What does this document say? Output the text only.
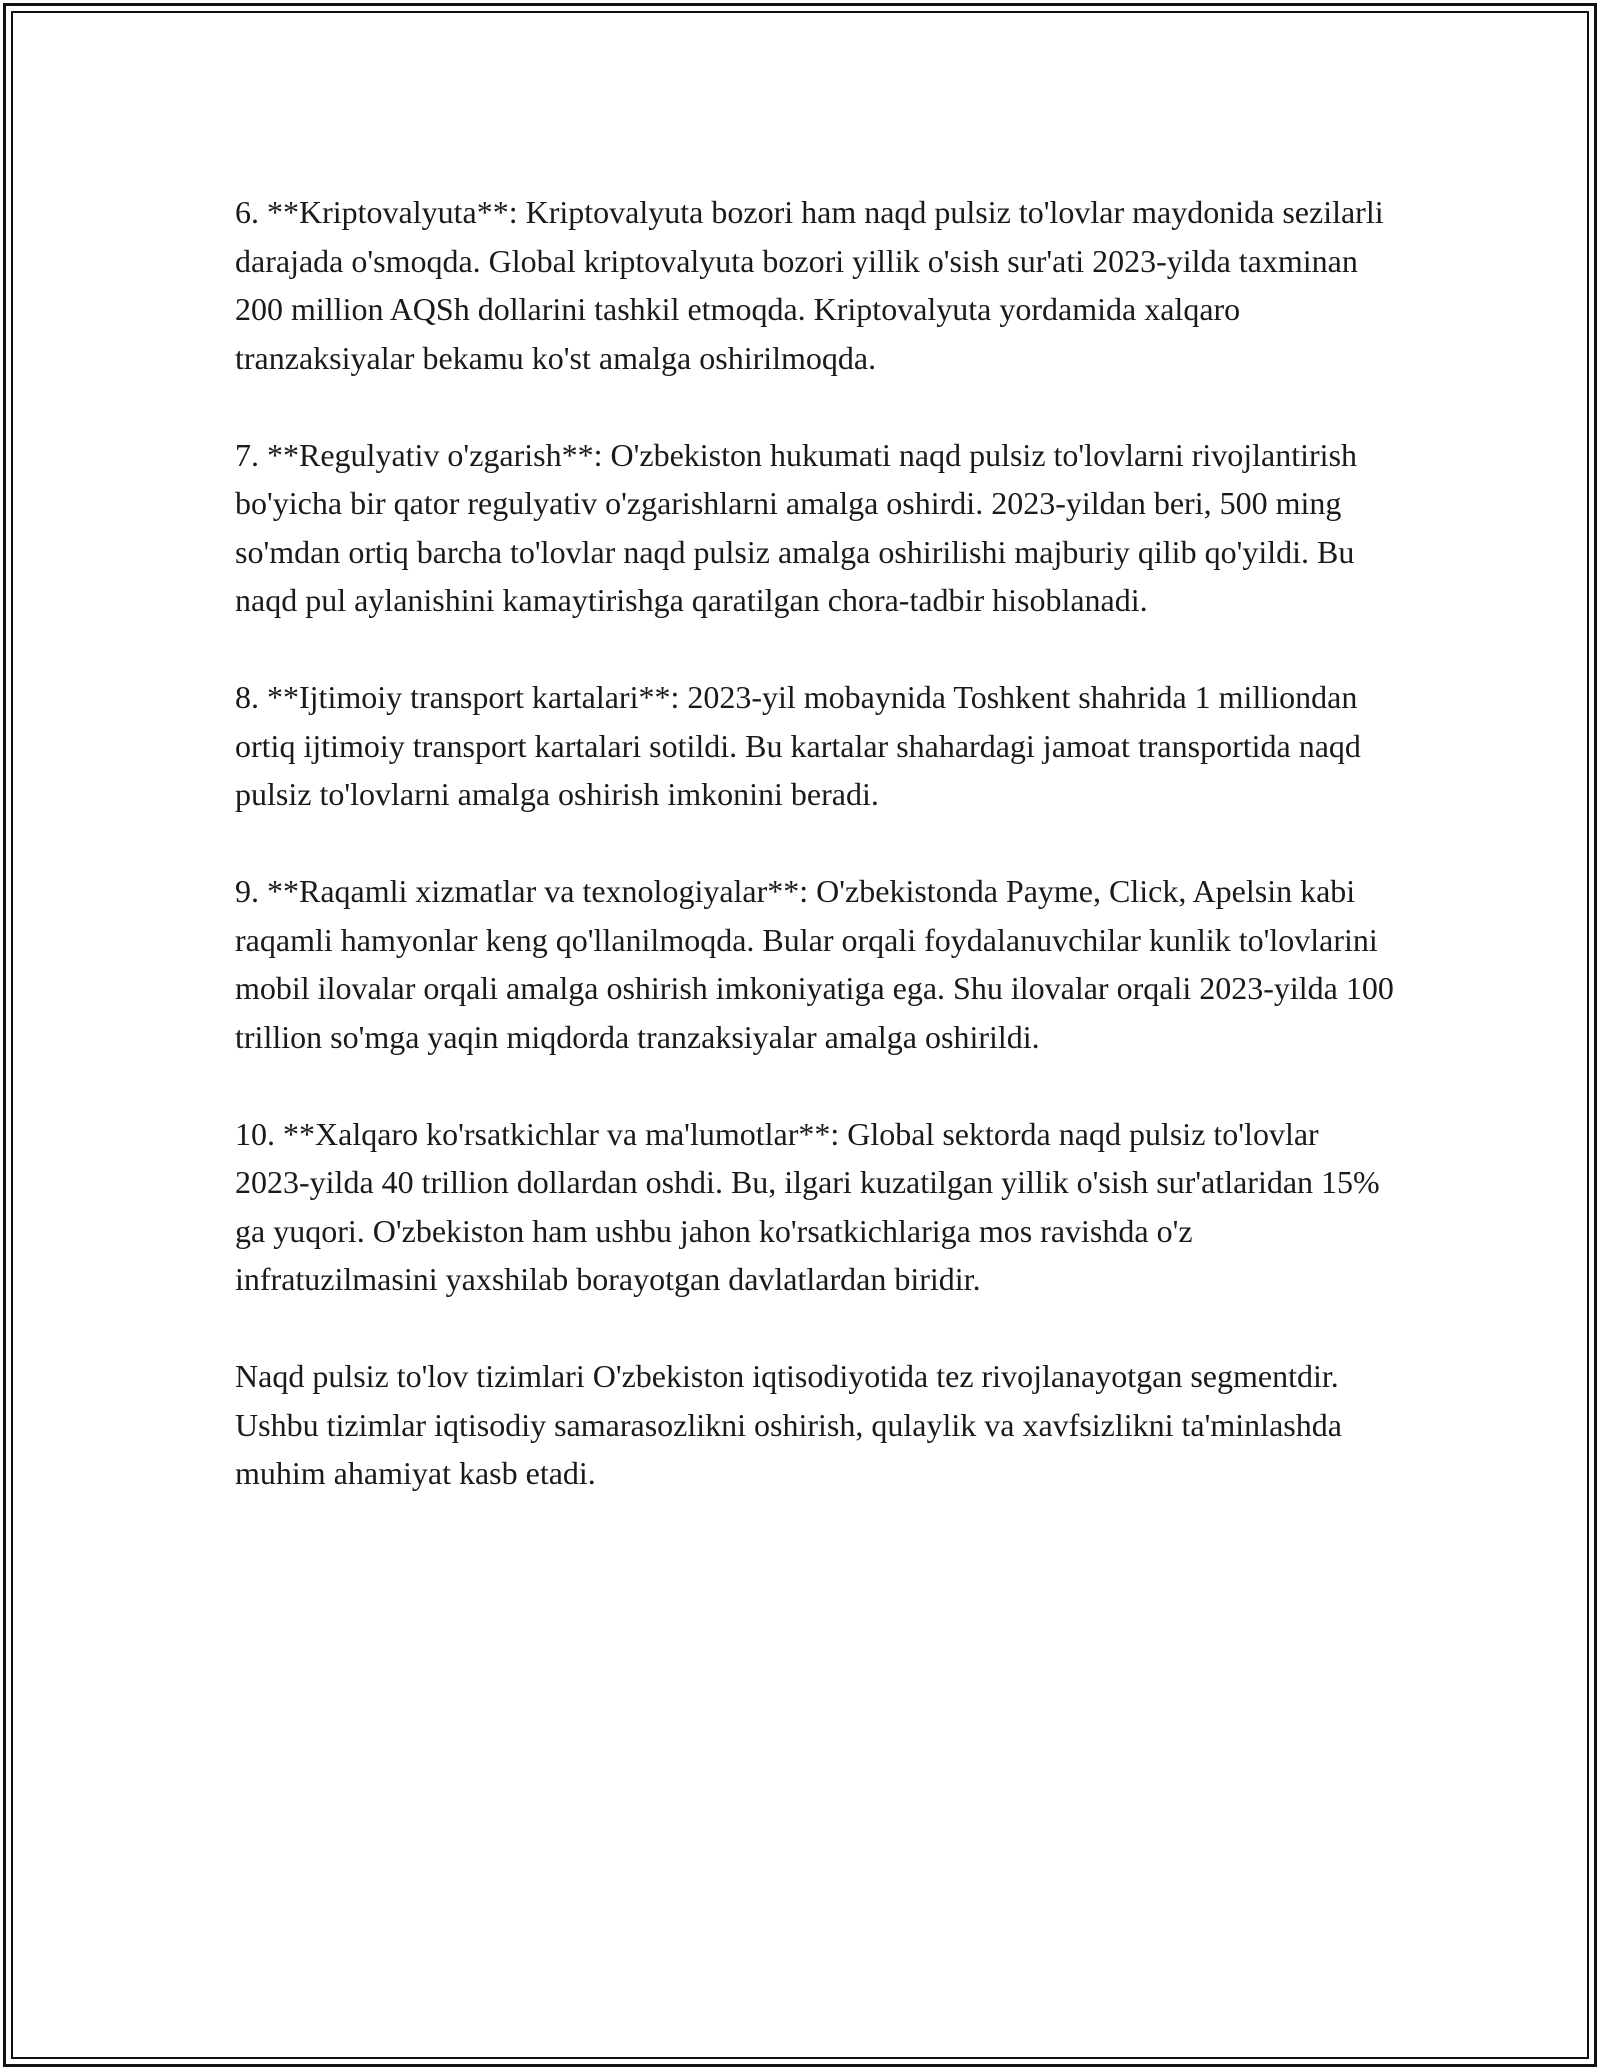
6. **Kriptovalyuta**: Kriptovalyuta bozori ham naqd pulsiz to'lovlar maydonida sezilarli darajada o'smoqda. Global kriptovalyuta bozori yillik o'sish sur'ati 2023-yilda taxminan 200 million AQSh dollarini tashkil etmoqda. Kriptovalyuta yordamida xalqaro tranzaksiyalar bekamu ko'st amalga oshirilmoqda.

7. **Regulyativ o'zgarish**: O'zbekiston hukumati naqd pulsiz to'lovlarni rivojlantirish bo'yicha bir qator regulyativ o'zgarishlarni amalga oshirdi. 2023-yildan beri, 500 ming so'mdan ortiq barcha to'lovlar naqd pulsiz amalga oshirilishi majburiy qilib qo'yildi. Bu naqd pul aylanishini kamaytirishga qaratilgan chora-tadbir hisoblanadi.

8. **Ijtimoiy transport kartalari**: 2023-yil mobaynida Toshkent shahrida 1 milliondan ortiq ijtimoiy transport kartalari sotildi. Bu kartalar shahardagi jamoat transportida naqd pulsiz to'lovlarni amalga oshirish imkonini beradi.

9. **Raqamli xizmatlar va texnologiyalar**: O'zbekistonda Payme, Click, Apelsin kabi raqamli hamyonlar keng qo'llanilmoqda. Bular orqali foydalanuvchilar kunlik to'lovlarini mobil ilovalar orqali amalga oshirish imkoniyatiga ega. Shu ilovalar orqali 2023-yilda 100 trillion so'mga yaqin miqdorda tranzaksiyalar amalga oshirildi.

10. **Xalqaro ko'rsatkichlar va ma'lumotlar**: Global sektorda naqd pulsiz to'lovlar 2023-yilda 40 trillion dollardan oshdi. Bu, ilgari kuzatilgan yillik o'sish sur'atlaridan 15% ga yuqori. O'zbekiston ham ushbu jahon ko'rsatkichlariga mos ravishda o'z infratuzilmasini yaxshilab borayotgan davlatlardan biridir.

Naqd pulsiz to'lov tizimlari O'zbekiston iqtisodiyotida tez rivojlanayotgan segmentdir. Ushbu tizimlar iqtisodiy samarasozlikni oshirish, qulaylik va xavfsizlikni ta'minlashda muhim ahamiyat kasb etadi.
